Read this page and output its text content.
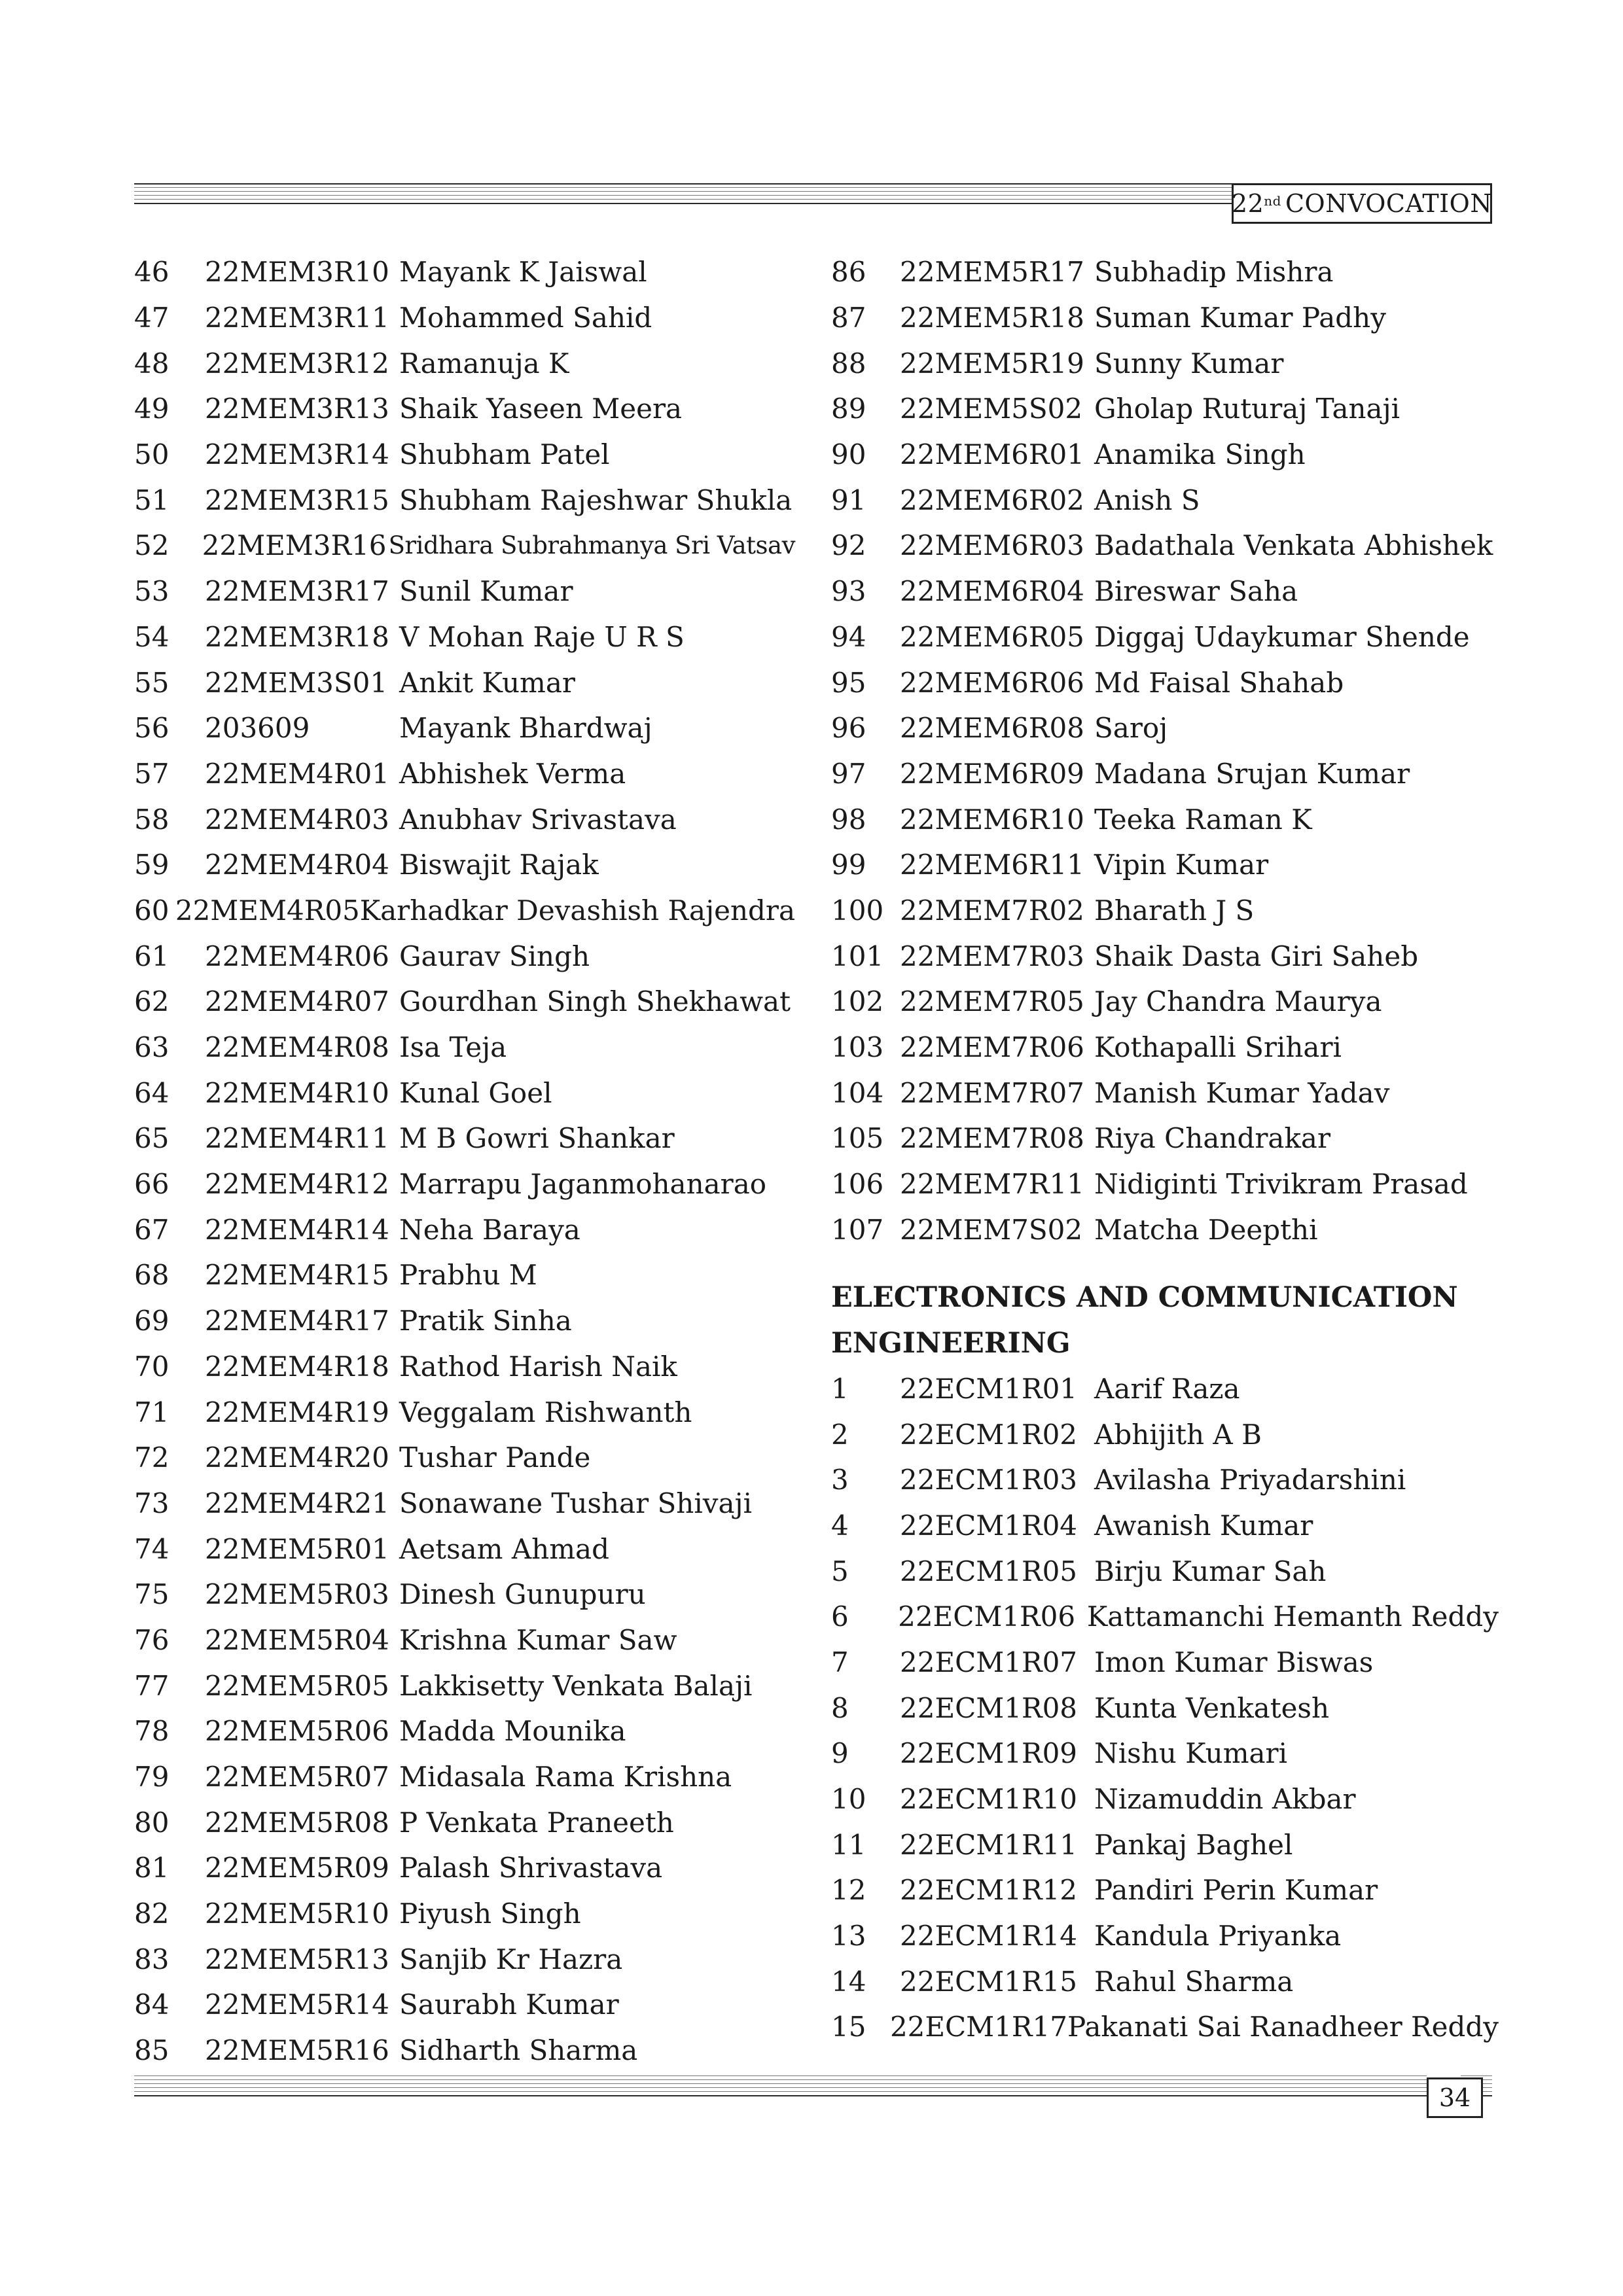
22nd CONVOCATION
46	22MEM3R10 Mayank K Jaiswal
47	22MEM3R11 Mohammed Sahid
48	22MEM3R12 Ramanuja K
49	22MEM3R13 Shaik Yaseen Meera
50	22MEM3R14 Shubham Patel
51	22MEM3R15 Shubham Rajeshwar Shukla
52	22MEM3R16 Sridhara Subrahmanya Sri Vatsav
53	22MEM3R17 Sunil Kumar
54	22MEM3R18 V Mohan Raje U R S
55	22MEM3S01 Ankit Kumar
56	203609	Mayank Bhardwaj
57	22MEM4R01 Abhishek Verma
58	22MEM4R03 Anubhav Srivastava
59	22MEM4R04 Biswajit Rajak
60 22MEM4R05 Karhadkar Devashish Rajendra
61	22MEM4R06 Gaurav Singh
62	22MEM4R07 Gourdhan Singh Shekhawat
63	22MEM4R08 Isa Teja
64	22MEM4R10 Kunal Goel
65	22MEM4R11 M B Gowri Shankar
66	22MEM4R12 Marrapu Jaganmohanarao
67	22MEM4R14 Neha Baraya
68	22MEM4R15 Prabhu M
69	22MEM4R17 Pratik Sinha
70	22MEM4R18 Rathod Harish Naik
71	22MEM4R19 Veggalam Rishwanth
72	22MEM4R20 Tushar Pande
73	22MEM4R21 Sonawane Tushar Shivaji
74	22MEM5R01 Aetsam Ahmad
75	22MEM5R03 Dinesh Gunupuru
76	22MEM5R04 Krishna Kumar Saw
77	22MEM5R05 Lakkisetty Venkata Balaji
78	22MEM5R06 Madda Mounika
79	22MEM5R07 Midasala Rama Krishna
80	22MEM5R08 P Venkata Praneeth
81	22MEM5R09 Palash Shrivastava
82	22MEM5R10 Piyush Singh
83	22MEM5R13 Sanjib Kr Hazra
84	22MEM5R14 Saurabh Kumar
85	22MEM5R16 Sidharth Sharma
86	22MEM5R17 Subhadip Mishra
87	22MEM5R18 Suman Kumar Padhy
88	22MEM5R19 Sunny Kumar
89	22MEM5S02 Gholap Ruturaj Tanaji
90	22MEM6R01 Anamika Singh
91	22MEM6R02 Anish S
92	22MEM6R03 Badathala Venkata Abhishek
93	22MEM6R04 Bireswar Saha
94	22MEM6R05 Diggaj Udaykumar Shende
95	22MEM6R06 Md Faisal Shahab
96	22MEM6R08 Saroj
97	22MEM6R09 Madana Srujan Kumar
98	22MEM6R10 Teeka Raman K
99	22MEM6R11 Vipin Kumar
100 22MEM7R02 Bharath J S
101 22MEM7R03 Shaik Dasta Giri Saheb
102 22MEM7R05 Jay Chandra Maurya
103 22MEM7R06 Kothapalli Srihari
104 22MEM7R07 Manish Kumar Yadav
105 22MEM7R08 Riya Chandrakar
106 22MEM7R11 Nidiginti Trivikram Prasad
107 22MEM7S02 Matcha Deepthi
ELECTRONICS AND COMMUNICATION
ENGINEERING
1	22ECM1R01 Aarif Raza
2	22ECM1R02 Abhijith A B
3	22ECM1R03 Avilasha Priyadarshini
4	22ECM1R04 Awanish Kumar
5	22ECM1R05 Birju Kumar Sah
6	22ECM1R06 Kattamanchi Hemanth Reddy
7	22ECM1R07 Imon Kumar Biswas
8	22ECM1R08 Kunta Venkatesh
9	22ECM1R09 Nishu Kumari
10	22ECM1R10 Nizamuddin Akbar
11	22ECM1R11 Pankaj Baghel
12	22ECM1R12 Pandiri Perin Kumar
13	22ECM1R14 Kandula Priyanka
14	22ECM1R15 Rahul Sharma
15 22ECM1R17 Pakanati Sai Ranadheer Reddy
34
